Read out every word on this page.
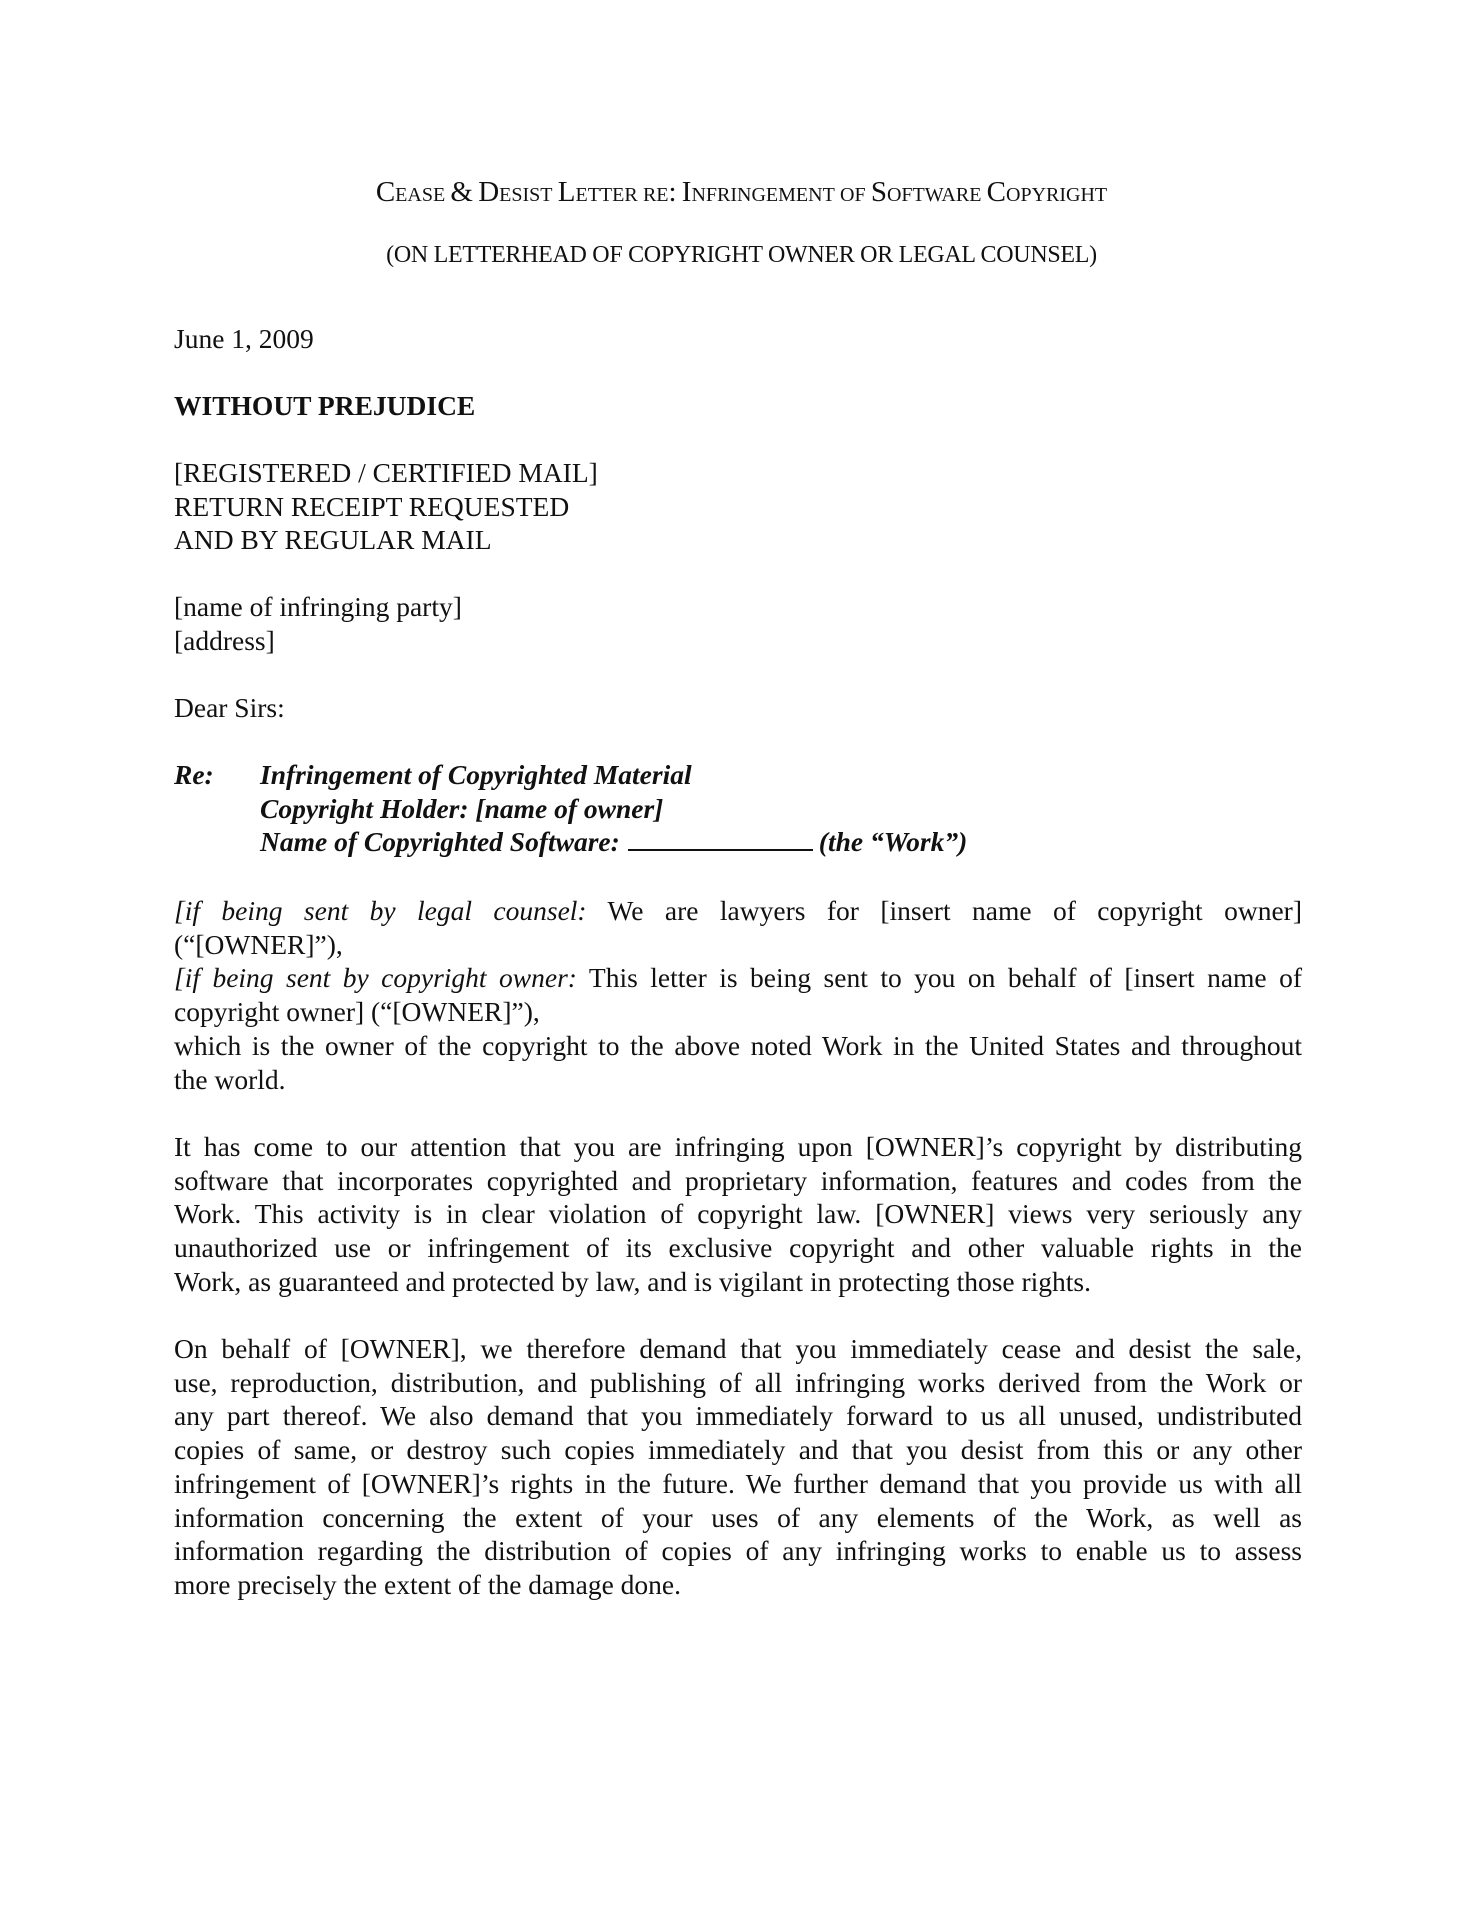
Cease & Desist Letter re: Infringement of Software Copyright
(ON LETTERHEAD OF COPYRIGHT OWNER OR LEGAL COUNSEL)
June 1, 2009
WITHOUT PREJUDICE
[REGISTERED / CERTIFIED MAIL]
RETURN RECEIPT REQUESTED
AND BY REGULAR MAIL
[name of infringing party]
[address]
Dear Sirs:
Re:	Infringement of Copyrighted Material
Copyright Holder: [name of owner]
Name of Copyrighted Software:	(the “Work”)
[if being sent by legal counsel: We are lawyers for [insert name of copyright owner]
(“[OWNER]”),
[if being sent by copyright owner: This letter is being sent to you on behalf of [insert name of
copyright owner] (“[OWNER]”),
which is the owner of the copyright to the above noted Work in the United States and throughout
the world.
It has come to our attention that you are infringing upon [OWNER]’s copyright by distributing
software that incorporates copyrighted and proprietary information, features and codes from the
Work. This activity is in clear violation of copyright law. [OWNER] views very seriously any
unauthorized use or infringement of its exclusive copyright and other valuable rights in the
Work, as guaranteed and protected by law, and is vigilant in protecting those rights.
On behalf of [OWNER], we therefore demand that you immediately cease and desist the sale,
use, reproduction, distribution, and publishing of all infringing works derived from the Work or
any part thereof. We also demand that you immediately forward to us all unused, undistributed
copies of same, or destroy such copies immediately and that you desist from this or any other
infringement of [OWNER]’s rights in the future. We further demand that you provide us with all
information concerning the extent of your uses of any elements of the Work, as well as
information regarding the distribution of copies of any infringing works to enable us to assess
more precisely the extent of the damage done.
